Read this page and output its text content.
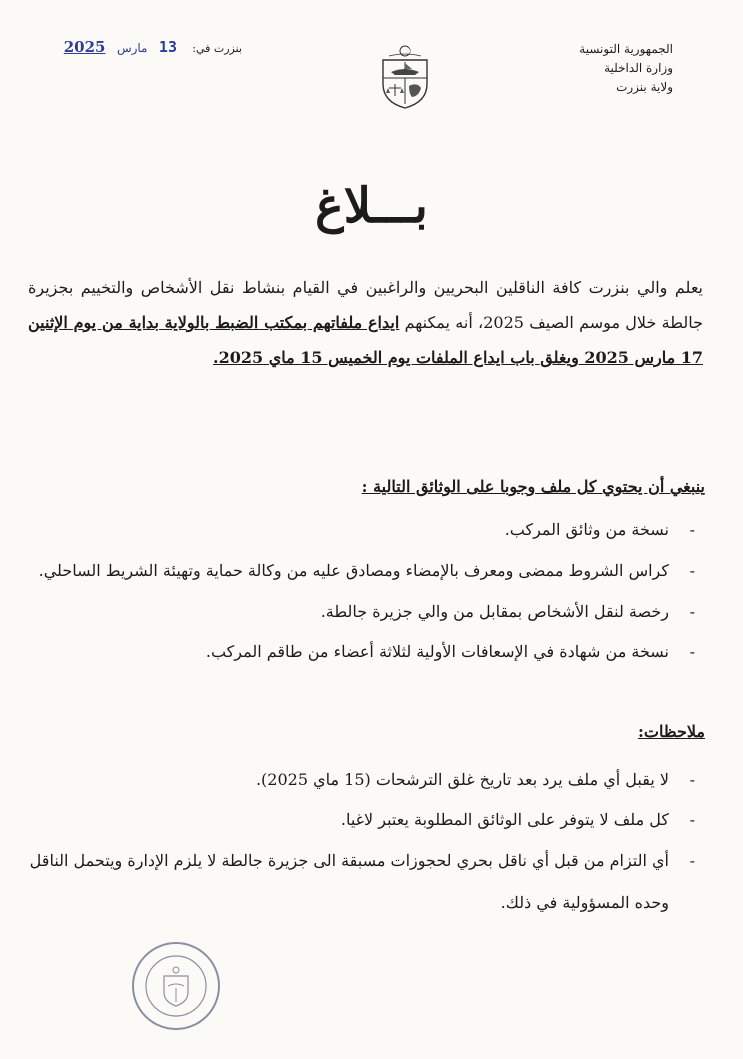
الجمهورية التونسية
وزارة الداخلية
ولاية بنزرت
بنزرت في:    13   مارس   2025
بـــلاغ
يعلم والي بنزرت كافة الناقلين البحريين والراغبين في القيام بنشاط نقل الأشخاص والتخييم بجزيرة جالطة خلال موسم الصيف 2025، أنه يمكنهم ايداع ملفاتهم بمكتب الضبط بالولاية بداية من يوم الإثنين 17 مارس 2025 ويغلق باب ايداع الملفات يوم الخميس 15 ماي 2025.
ينبغي أن يحتوي كل ملف وجوبا على الوثائق التالية :
-
نسخة من وثائق المركب.
-
كراس الشروط ممضى ومعرف بالإمضاء ومصادق عليه من وكالة حماية وتهيئة الشريط الساحلي.
-
رخصة لنقل الأشخاص بمقابل من والي جزيرة جالطة.
-
نسخة من شهادة في الإسعافات الأولية لثلاثة أعضاء من طاقم المركب.
ملاحظات:
-
لا يقبل أي ملف يرد بعد تاريخ غلق الترشحات (15 ماي 2025).
-
كل ملف لا يتوفر على الوثائق المطلوبة يعتبر لاغيا.
-
أي التزام من قبل أي ناقل بحري لحجوزات مسبقة الى جزيرة جالطة لا يلزم الإدارة ويتحمل الناقل وحده المسؤولية في ذلك.
